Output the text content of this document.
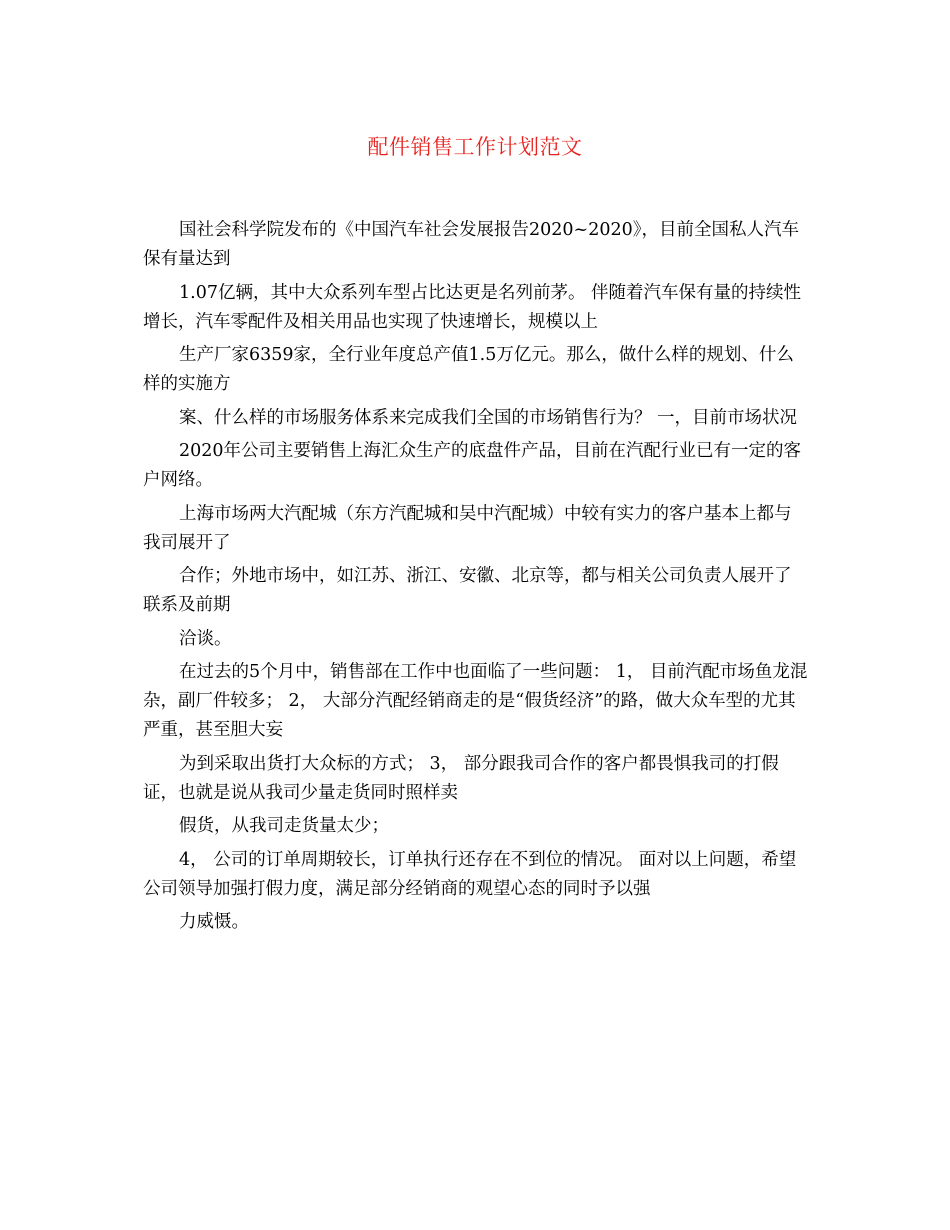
配件销售工作计划范文

国社会科学院发布的《中国汽车社会发展报告2020~2020》，目前全国私人汽车保有量达到

1.07亿辆，其中大众系列车型占比达更是名列前茅。 伴随着汽车保有量的持续性增长，汽车零配件及相关用品也实现了快速增长，规模以上

生产厂家6359家，全行业年度总产值1.5万亿元。那么，做什么样的规划、什么样的实施方

案、什么样的市场服务体系来完成我们全国的市场销售行为？ 一，目前市场状况

2020年公司主要销售上海汇众生产的底盘件产品，目前在汽配行业已有一定的客户网络。

上海市场两大汽配城（东方汽配城和吴中汽配城）中较有实力的客户基本上都与我司展开了

合作；外地市场中，如江苏、浙江、安徽、北京等，都与相关公司负责人展开了联系及前期

洽谈。

在过去的5个月中，销售部在工作中也面临了一些问题： 1， 目前汽配市场鱼龙混杂，副厂件较多； 2， 大部分汽配经销商走的是“假货经济”的路，做大众车型的尤其严重，甚至胆大妄

为到采取出货打大众标的方式； 3， 部分跟我司合作的客户都畏惧我司的打假证，也就是说从我司少量走货同时照样卖

假货，从我司走货量太少；

4， 公司的订单周期较长，订单执行还存在不到位的情况。 面对以上问题，希望公司领导加强打假力度，满足部分经销商的观望心态的同时予以强

力威慑。
